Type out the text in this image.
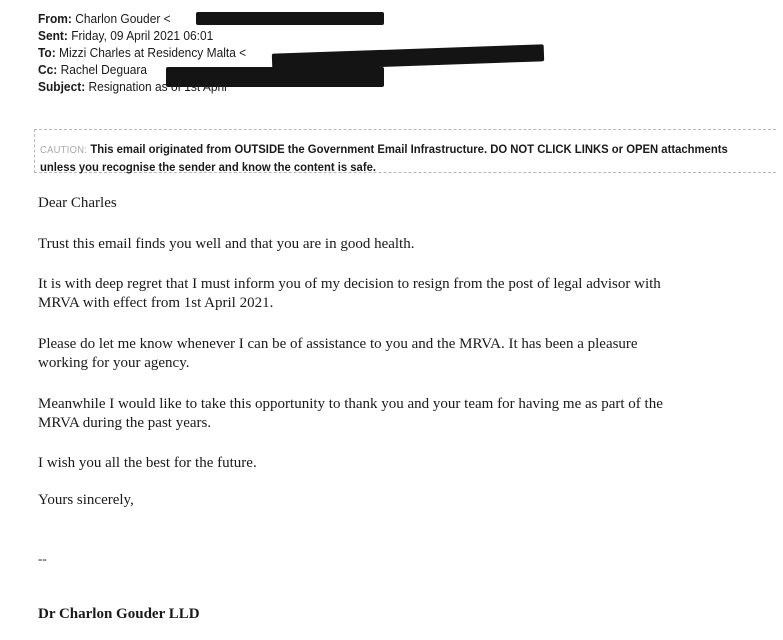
From: Charlon Gouder <
Sent: Friday, 09 April 2021 06:01
To: Mizzi Charles at Residency Malta <
Cc: Rachel Deguara
Subject: Resignation as of 1st April
CAUTION: This email originated from OUTSIDE the Government Email Infrastructure. DO NOT CLICK LINKS or OPEN attachments
unless you recognise the sender and know the content is safe.
Dear Charles
Trust this email finds you well and that you are in good health.
It is with deep regret that I must inform you of my decision to resign from the post of legal advisor with
MRVA with effect from 1st April 2021.
Please do let me know whenever I can be of assistance to you and the MRVA. It has been a pleasure
working for your agency.
Meanwhile I would like to take this opportunity to thank you and your team for having me as part of the
MRVA during the past years.
I wish you all the best for the future.
Yours sincerely,
--
Dr Charlon Gouder LLD
